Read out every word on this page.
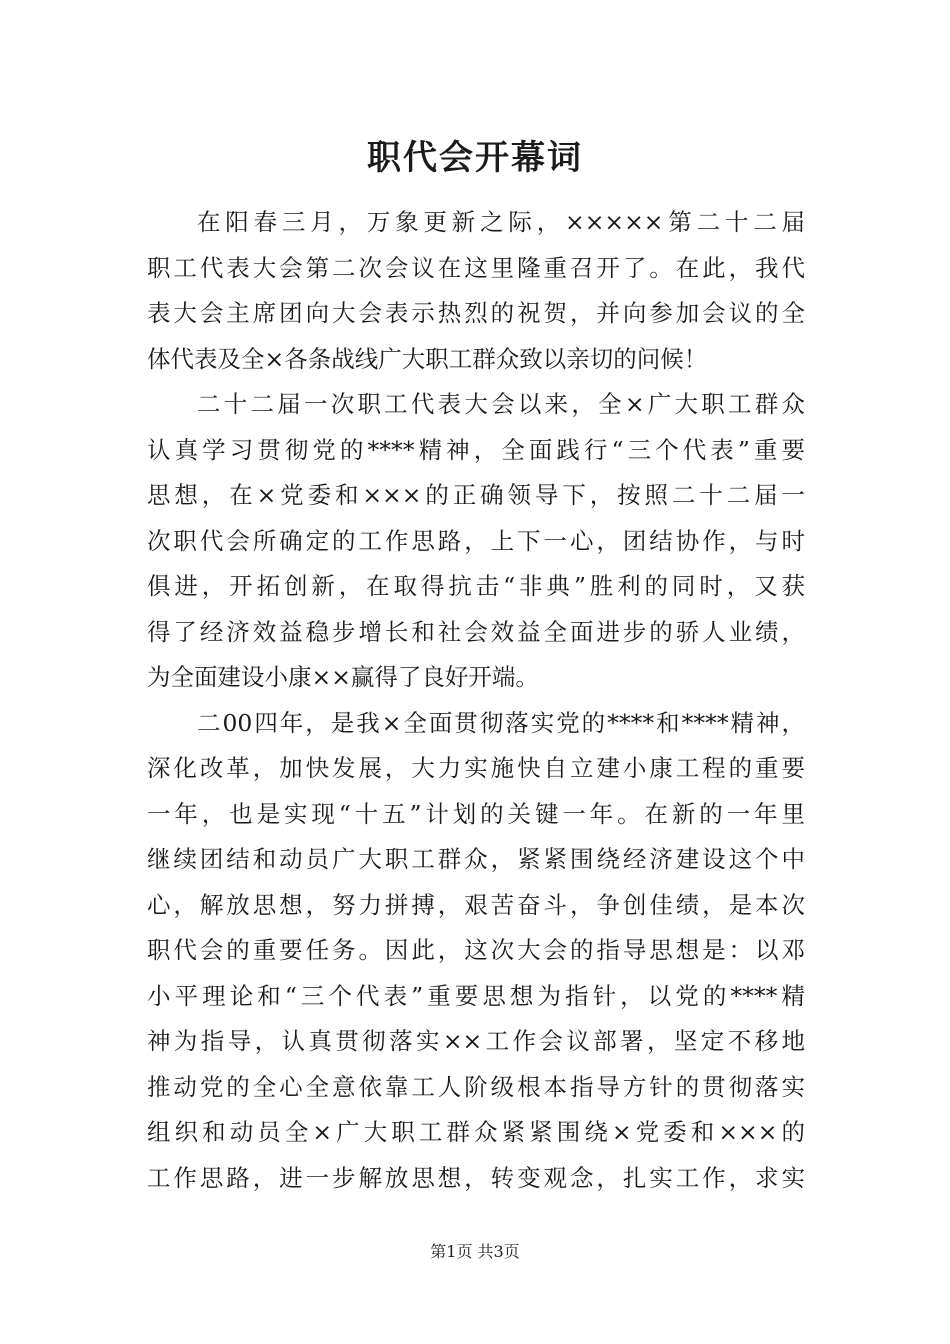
职代会开幕词
在阳春三月，万象更新之际，×××××第二十二届
职工代表大会第二次会议在这里隆重召开了。在此，我代
表大会主席团向大会表示热烈的祝贺，并向参加会议的全
体代表及全×各条战线广大职工群众致以亲切的问候！
二十二届一次职工代表大会以来，全×广大职工群众
认真学习贯彻党的****精神，全面践行“三个代表”重要
思想，在×党委和×××的正确领导下，按照二十二届一
次职代会所确定的工作思路，上下一心，团结协作，与时
俱进，开拓创新，在取得抗击“非典”胜利的同时，又获
得了经济效益稳步增长和社会效益全面进步的骄人业绩，
为全面建设小康××赢得了良好开端。
二00四年，是我×全面贯彻落实党的****和****精神，
深化改革，加快发展，大力实施快自立建小康工程的重要
一年，也是实现“十五”计划的关键一年。在新的一年里
继续团结和动员广大职工群众，紧紧围绕经济建设这个中
心，解放思想，努力拼搏，艰苦奋斗，争创佳绩，是本次
职代会的重要任务。因此，这次大会的指导思想是：以邓
小平理论和“三个代表”重要思想为指针，以党的****精
神为指导，认真贯彻落实××工作会议部署，坚定不移地
推动党的全心全意依靠工人阶级根本指导方针的贯彻落实
组织和动员全×广大职工群众紧紧围绕×党委和×××的
工作思路，进一步解放思想，转变观念，扎实工作，求实
第1页 共3页
